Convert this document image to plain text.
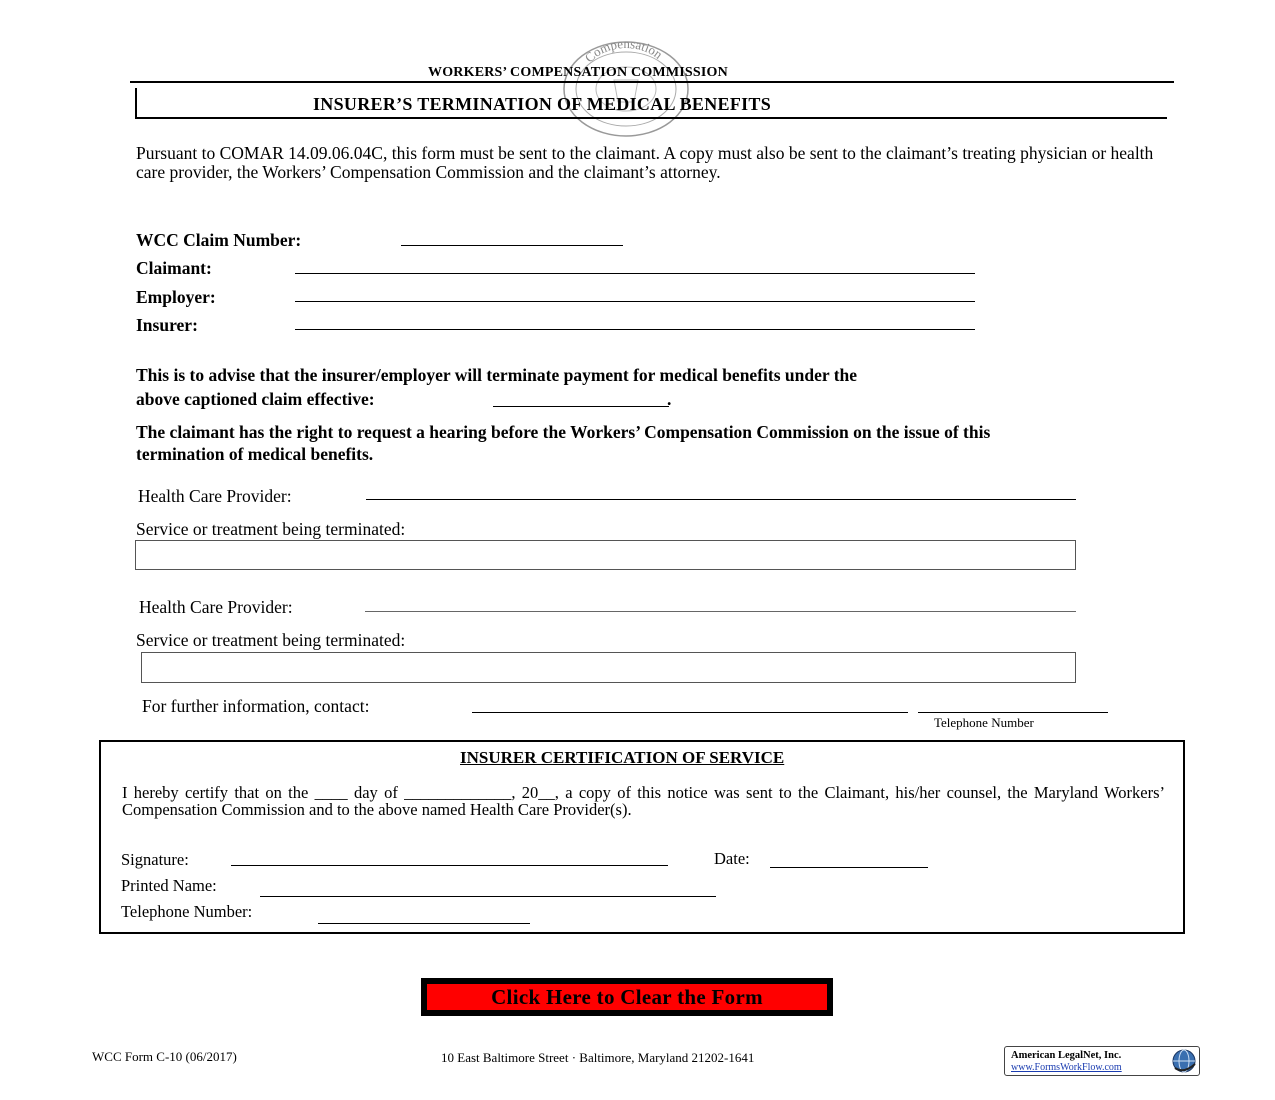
Compensation
WORKERS’ COMPENSATION COMMISSION
INSURER’S TERMINATION OF MEDICAL BENEFITS
Pursuant to COMAR 14.09.06.04C, this form must be sent to the claimant. A copy must also be sent to the claimant’s treating physician or health care provider, the Workers’ Compensation Commission and the claimant’s attorney.
WCC Claim Number:
Claimant:
Employer:
Insurer:
This is to advise that the insurer/employer will terminate payment for medical benefits under the
above captioned claim effective:	.
The claimant has the right to request a hearing before the Workers’ Compensation Commission on the issue of this termination of medical benefits.
Health Care Provider:
Service or treatment being terminated:
Health Care Provider:
Service or treatment being terminated:
For further information, contact:
Telephone Number
INSURER CERTIFICATION OF SERVICE
I hereby certify that on the ____ day of _____________, 20__, a copy of this notice was sent to the Claimant, his/her counsel, the Maryland Workers’ Compensation Commission and to the above named Health Care Provider(s).
Signature:	Date:
Printed Name:
Telephone Number:
Click Here to Clear the Form
WCC Form C-10 (06/2017)	10 East Baltimore Street · Baltimore, Maryland 21202-1641	American LegalNet, Inc.
www.FormsWorkFlow.com
